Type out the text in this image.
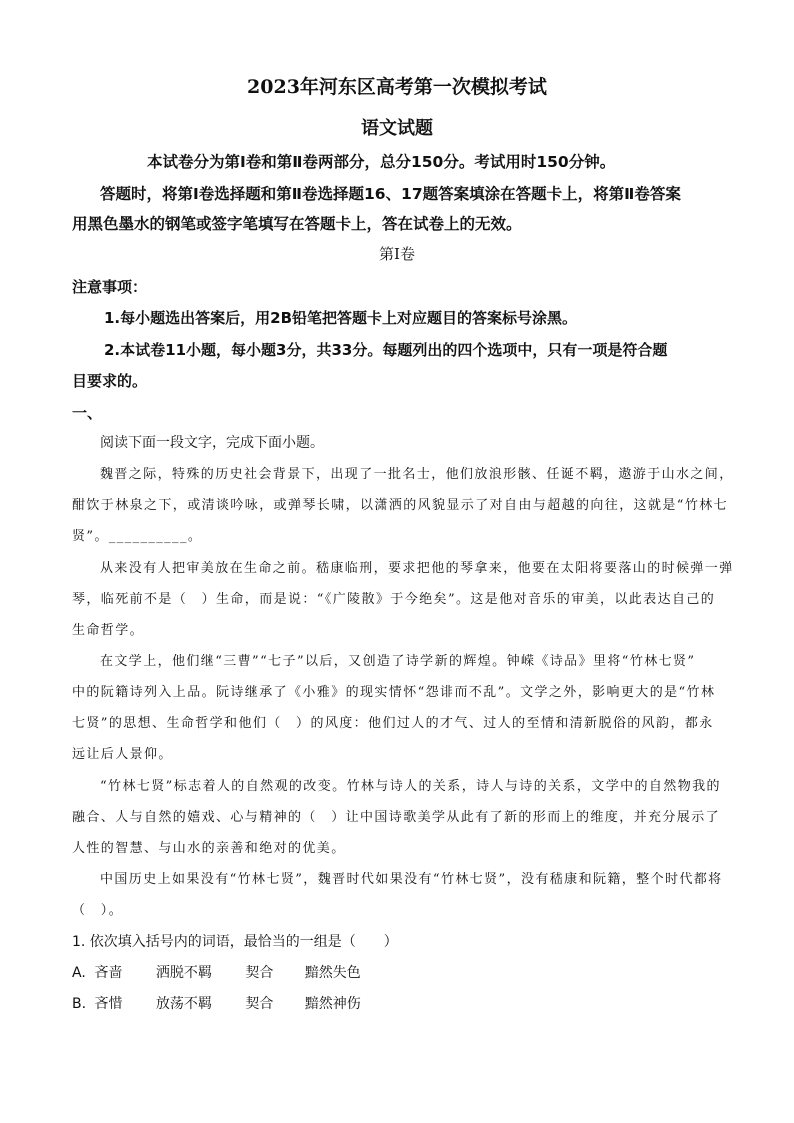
2023年河东区高考第一次模拟考试
语文试题
本试卷分为第Ⅰ卷和第Ⅱ卷两部分，总分150分。考试用时150分钟。
答题时，将第Ⅰ卷选择题和第Ⅱ卷选择题16、17题答案填涂在答题卡上，将第Ⅱ卷答案
用黑色墨水的钢笔或签字笔填写在答题卡上，答在试卷上的无效。
第Ⅰ卷
注意事项：
1.每小题选出答案后，用2B铅笔把答题卡上对应题目的答案标号涂黑。
2.本试卷11小题，每小题3分，共33分。每题列出的四个选项中，只有一项是符合题
目要求的。
一、
阅读下面一段文字，完成下面小题。
魏晋之际，特殊的历史社会背景下，出现了一批名士，他们放浪形骸、任诞不羁，遨游于山水之间，
酣饮于林泉之下，或清谈吟咏，或弹琴长啸，以潇洒的风貌显示了对自由与超越的向往，这就是“竹林七
贤”。__________。
从来没有人把审美放在生命之前。嵇康临刑，要求把他的琴拿来，他要在太阳将要落山的时候弹一弹
琴，临死前不是（　）生命，而是说：“《广陵散》于今绝矣”。这是他对音乐的审美，以此表达自己的
生命哲学。
在文学上，他们继“三曹”“七子”以后，又创造了诗学新的辉煌。钟嵘《诗品》里将“竹林七贤”
中的阮籍诗列入上品。阮诗继承了《小雅》的现实情怀“怨诽而不乱”。文学之外，影响更大的是“竹林
七贤”的思想、生命哲学和他们（　）的风度：他们过人的才气、过人的至情和清新脱俗的风韵，都永
远让后人景仰。
“竹林七贤”标志着人的自然观的改变。竹林与诗人的关系，诗人与诗的关系，文学中的自然物我的
融合、人与自然的嬉戏、心与精神的（　）让中国诗歌美学从此有了新的形而上的维度，并充分展示了
人性的智慧、与山水的亲善和绝对的优美。
中国历史上如果没有“竹林七贤”，魏晋时代如果没有“竹林七贤”，没有嵇康和阮籍，整个时代都将
（　）。
1. 依次填入括号内的词语，最恰当的一组是（　　）
A. 吝啬 洒脱不羁 契合 黯然失色
B. 吝惜 放荡不羁 契合 黯然神伤
